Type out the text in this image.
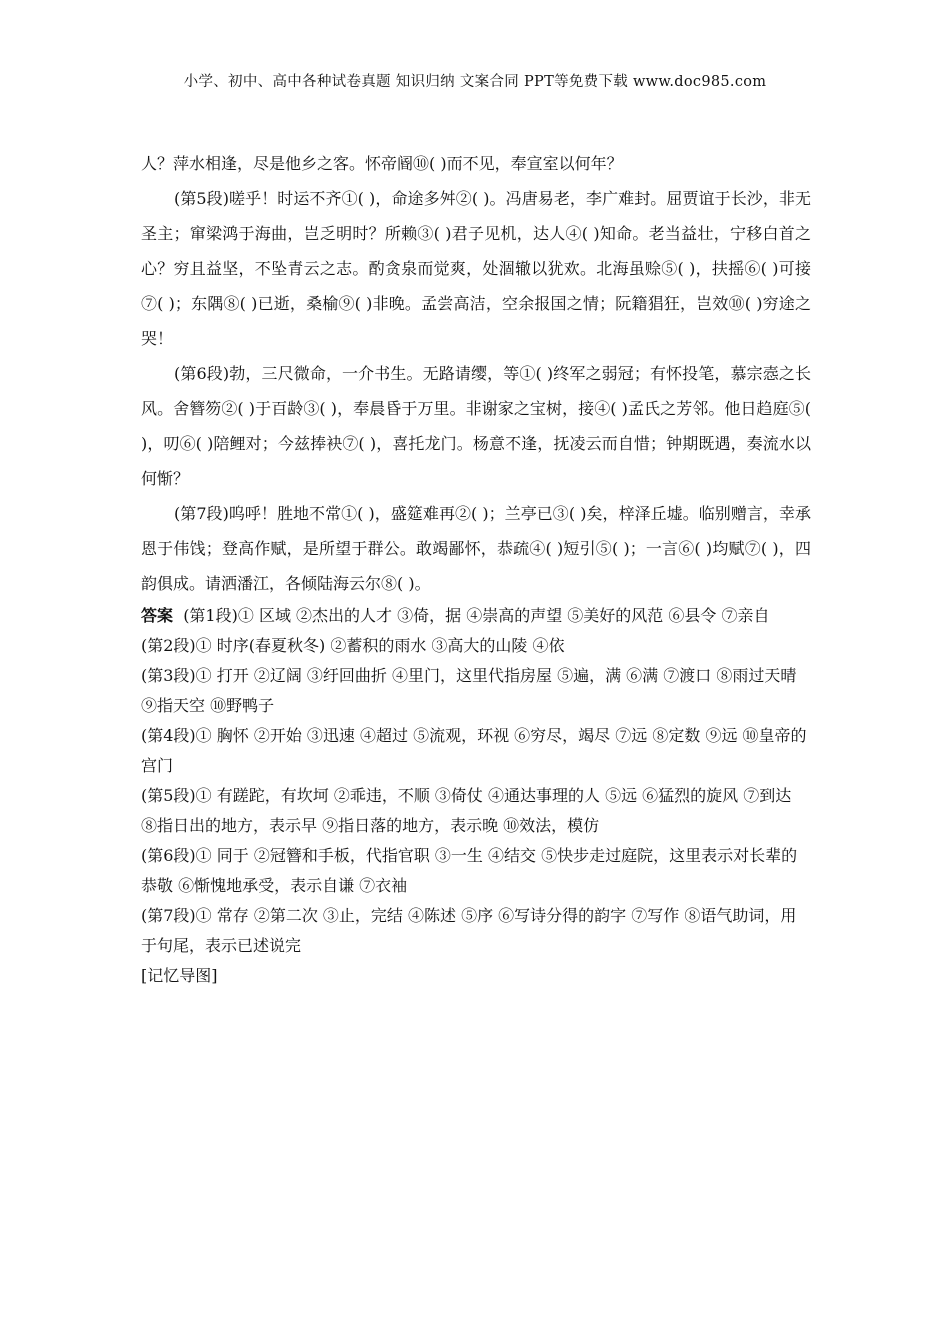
小学、初中、高中各种试卷真题 知识归纳 文案合同 PPT等免费下载 www.doc985.com

人？萍水相逢，尽是他乡之客。怀帝阍⑩( )而不见，奉宣室以何年？

(第5段)嗟乎！时运不齐①( )，命途多舛②( )。冯唐易老，李广难封。屈贾谊于长沙，非无圣主；窜梁鸿于海曲，岂乏明时？所赖③( )君子见机，达人④( )知命。老当益壮，宁移白首之心？穷且益坚，不坠青云之志。酌贪泉而觉爽，处涸辙以犹欢。北海虽赊⑤( )，扶摇⑥( )可接⑦( )；东隅⑧( )已逝，桑榆⑨( )非晚。孟尝高洁，空余报国之情；阮籍猖狂，岂效⑩( )穷途之哭！

(第6段)勃，三尺微命，一介书生。无路请缨，等①( )终军之弱冠；有怀投笔，慕宗悫之长风。舍簪笏②( )于百龄③( )，奉晨昏于万里。非谢家之宝树，接④( )孟氏之芳邻。他日趋庭⑤( )，叨⑥( )陪鲤对；今兹捧袂⑦( )，喜托龙门。杨意不逢，抚凌云而自惜；钟期既遇，奏流水以何惭？

(第7段)呜呼！胜地不常①( )，盛筵难再②( )；兰亭已③( )矣，梓泽丘墟。临别赠言，幸承恩于伟饯；登高作赋，是所望于群公。敢竭鄙怀，恭疏④( )短引⑤( )；一言⑥( )均赋⑦( )，四韵俱成。请洒潘江，各倾陆海云尔⑧( )。

答案 (第1段)① 区域 ②杰出的人才 ③倚，据 ④崇高的声望 ⑤美好的风范 ⑥县令 ⑦亲自

(第2段)① 时序(春夏秋冬) ②蓄积的雨水 ③高大的山陵 ④依

(第3段)① 打开 ②辽阔 ③纡回曲折 ④里门，这里代指房屋 ⑤遍，满 ⑥满 ⑦渡口 ⑧雨过天晴 ⑨指天空 ⑩野鸭子

(第4段)① 胸怀 ②开始 ③迅速 ④超过 ⑤流观，环视 ⑥穷尽，竭尽 ⑦远 ⑧定数 ⑨远 ⑩皇帝的宫门

(第5段)① 有蹉跎，有坎坷 ②乖违，不顺 ③倚仗 ④通达事理的人 ⑤远 ⑥猛烈的旋风 ⑦到达 ⑧指日出的地方，表示早 ⑨指日落的地方，表示晚 ⑩效法，模仿

(第6段)① 同于 ②冠簪和手板，代指官职 ③一生 ④结交 ⑤快步走过庭院，这里表示对长辈的恭敬 ⑥惭愧地承受，表示自谦 ⑦衣袖

(第7段)① 常存 ②第二次 ③止，完结 ④陈述 ⑤序 ⑥写诗分得的韵字 ⑦写作 ⑧语气助词，用于句尾，表示已述说完

[记忆导图]
